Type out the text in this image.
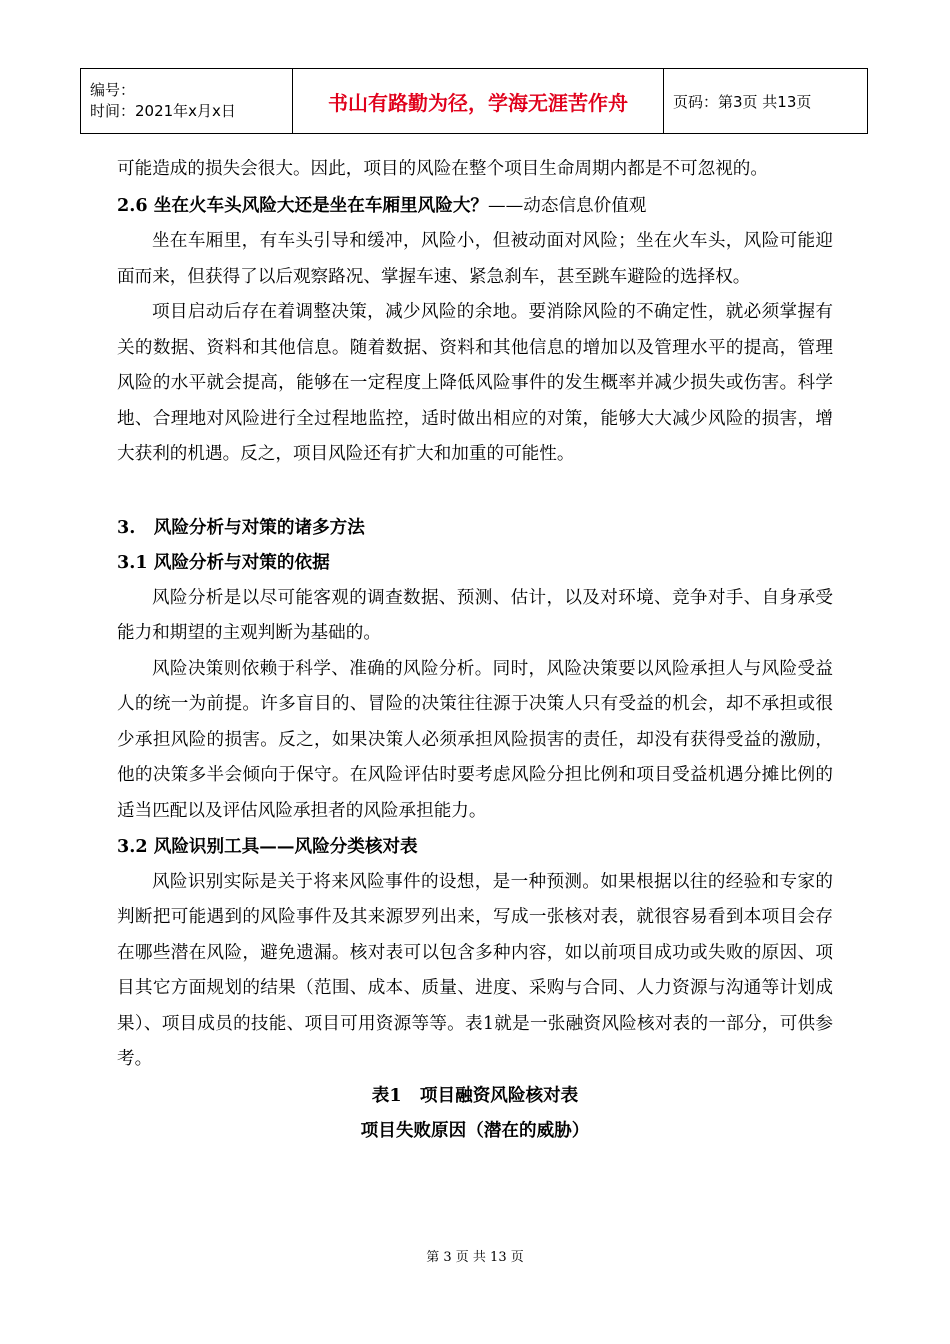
编号：
时间：2021年x月x日	书山有路勤为径，学海无涯苦作舟	页码：第3页 共13页

可能造成的损失会很大。因此，项目的风险在整个项目生命周期内都是不可忽视的。

2.6 坐在火车头风险大还是坐在车厢里风险大？——动态信息价值观

坐在车厢里，有车头引导和缓冲，风险小，但被动面对风险；坐在火车头，风险可能迎面而来，但获得了以后观察路况、掌握车速、紧急刹车，甚至跳车避险的选择权。

项目启动后存在着调整决策，减少风险的余地。要消除风险的不确定性，就必须掌握有关的数据、资料和其他信息。随着数据、资料和其他信息的增加以及管理水平的提高，管理风险的水平就会提高，能够在一定程度上降低风险事件的发生概率并减少损失或伤害。科学地、合理地对风险进行全过程地监控，适时做出相应的对策，能够大大减少风险的损害，增大获利的机遇。反之，项目风险还有扩大和加重的可能性。

3.   风险分析与对策的诸多方法
3.1 风险分析与对策的依据

风险分析是以尽可能客观的调查数据、预测、估计，以及对环境、竞争对手、自身承受能力和期望的主观判断为基础的。

风险决策则依赖于科学、准确的风险分析。同时，风险决策要以风险承担人与风险受益人的统一为前提。许多盲目的、冒险的决策往往源于决策人只有受益的机会，却不承担或很少承担风险的损害。反之，如果决策人必须承担风险损害的责任，却没有获得受益的激励，他的决策多半会倾向于保守。在风险评估时要考虑风险分担比例和项目受益机遇分摊比例的适当匹配以及评估风险承担者的风险承担能力。

3.2 风险识别工具——风险分类核对表

风险识别实际是关于将来风险事件的设想，是一种预测。如果根据以往的经验和专家的判断把可能遇到的风险事件及其来源罗列出来，写成一张核对表，就很容易看到本项目会存在哪些潜在风险，避免遗漏。核对表可以包含多种内容，如以前项目成功或失败的原因、项目其它方面规划的结果（范围、成本、质量、进度、采购与合同、人力资源与沟通等计划成果）、项目成员的技能、项目可用资源等等。表1就是一张融资风险核对表的一部分，可供参考。

表1   项目融资风险核对表

项目失败原因（潜在的威胁）

第 3 页 共 13 页
